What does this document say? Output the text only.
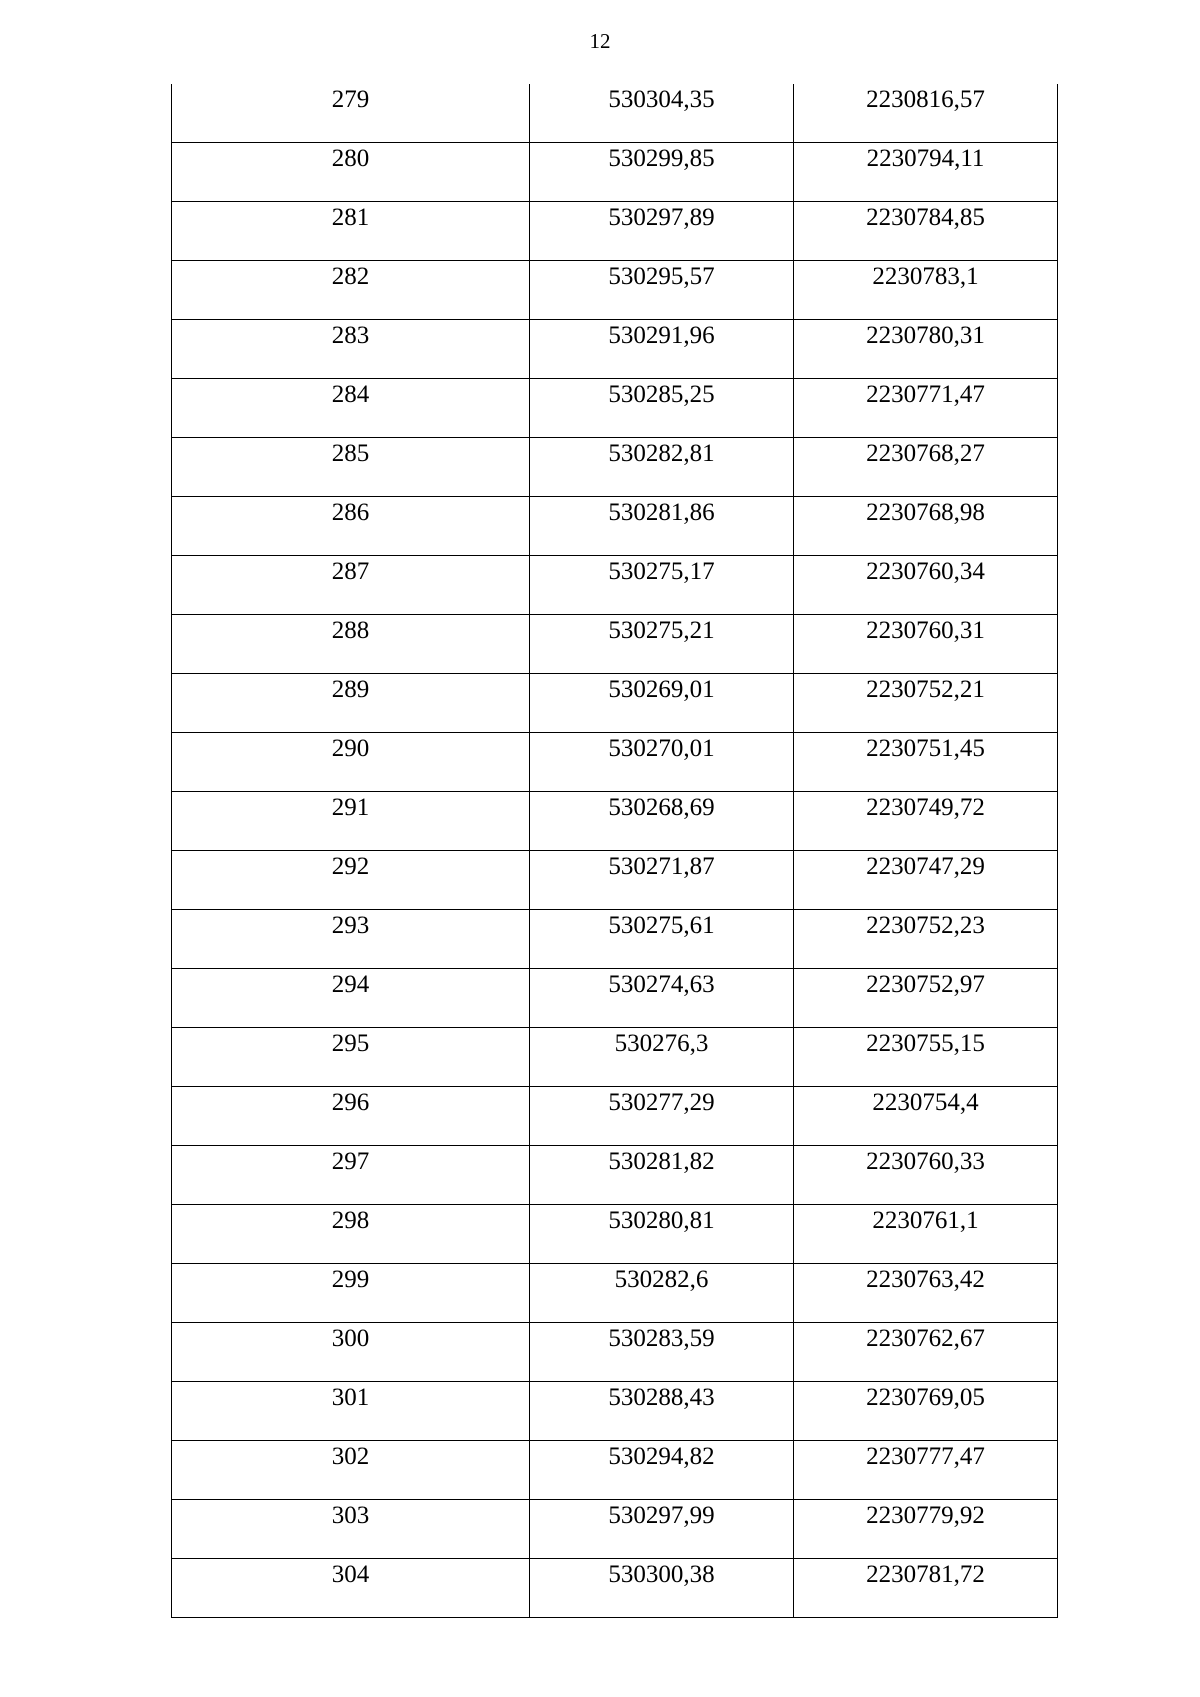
12
279	530304,35	2230816,57

280	530299,85	2230794,11

281	530297,89	2230784,85

282	530295,57	2230783,1

283	530291,96	2230780,31

284	530285,25	2230771,47

285	530282,81	2230768,27

286	530281,86	2230768,98

287	530275,17	2230760,34

288	530275,21	2230760,31

289	530269,01	2230752,21

290	530270,01	2230751,45

291	530268,69	2230749,72

292	530271,87	2230747,29

293	530275,61	2230752,23

294	530274,63	2230752,97

295	530276,3	2230755,15

296	530277,29	2230754,4

297	530281,82	2230760,33

298	530280,81	2230761,1

299	530282,6	2230763,42

300	530283,59	2230762,67

301	530288,43	2230769,05

302	530294,82	2230777,47

303	530297,99	2230779,92

304	530300,38	2230781,72
